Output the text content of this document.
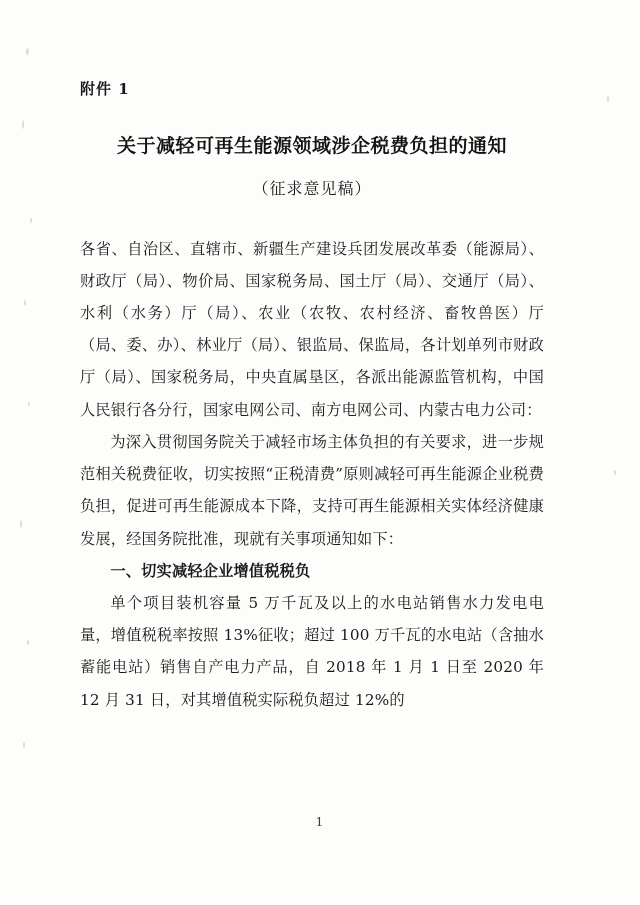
附件 1
关于减轻可再生能源领域涉企税费负担的通知
（征求意见稿）

各省、自治区、直辖市、新疆生产建设兵团发展改革委（能源局）、财政厅（局）、物价局、国家税务局、国土厅（局）、交通厅（局）、水利（水务）厅（局）、农业（农牧、农村经济、畜牧兽医）厅（局、委、办）、林业厅（局）、银监局、保监局，各计划单列市财政厅（局）、国家税务局，中央直属垦区，各派出能源监管机构，中国人民银行各分行，国家电网公司、南方电网公司、内蒙古电力公司：

为深入贯彻国务院关于减轻市场主体负担的有关要求，进一步规范相关税费征收，切实按照“正税清费”原则减轻可再生能源企业税费负担，促进可再生能源成本下降，支持可再生能源相关实体经济健康发展，经国务院批准，现就有关事项通知如下：

一、切实减轻企业增值税税负

单个项目装机容量 5 万千瓦及以上的水电站销售水力发电电量，增值税税率按照 13%征收；超过 100 万千瓦的水电站（含抽水蓄能电站）销售自产电力产品，自 2018 年 1 月 1 日至 2020 年 12 月 31 日，对其增值税实际税负超过 12%的

1
